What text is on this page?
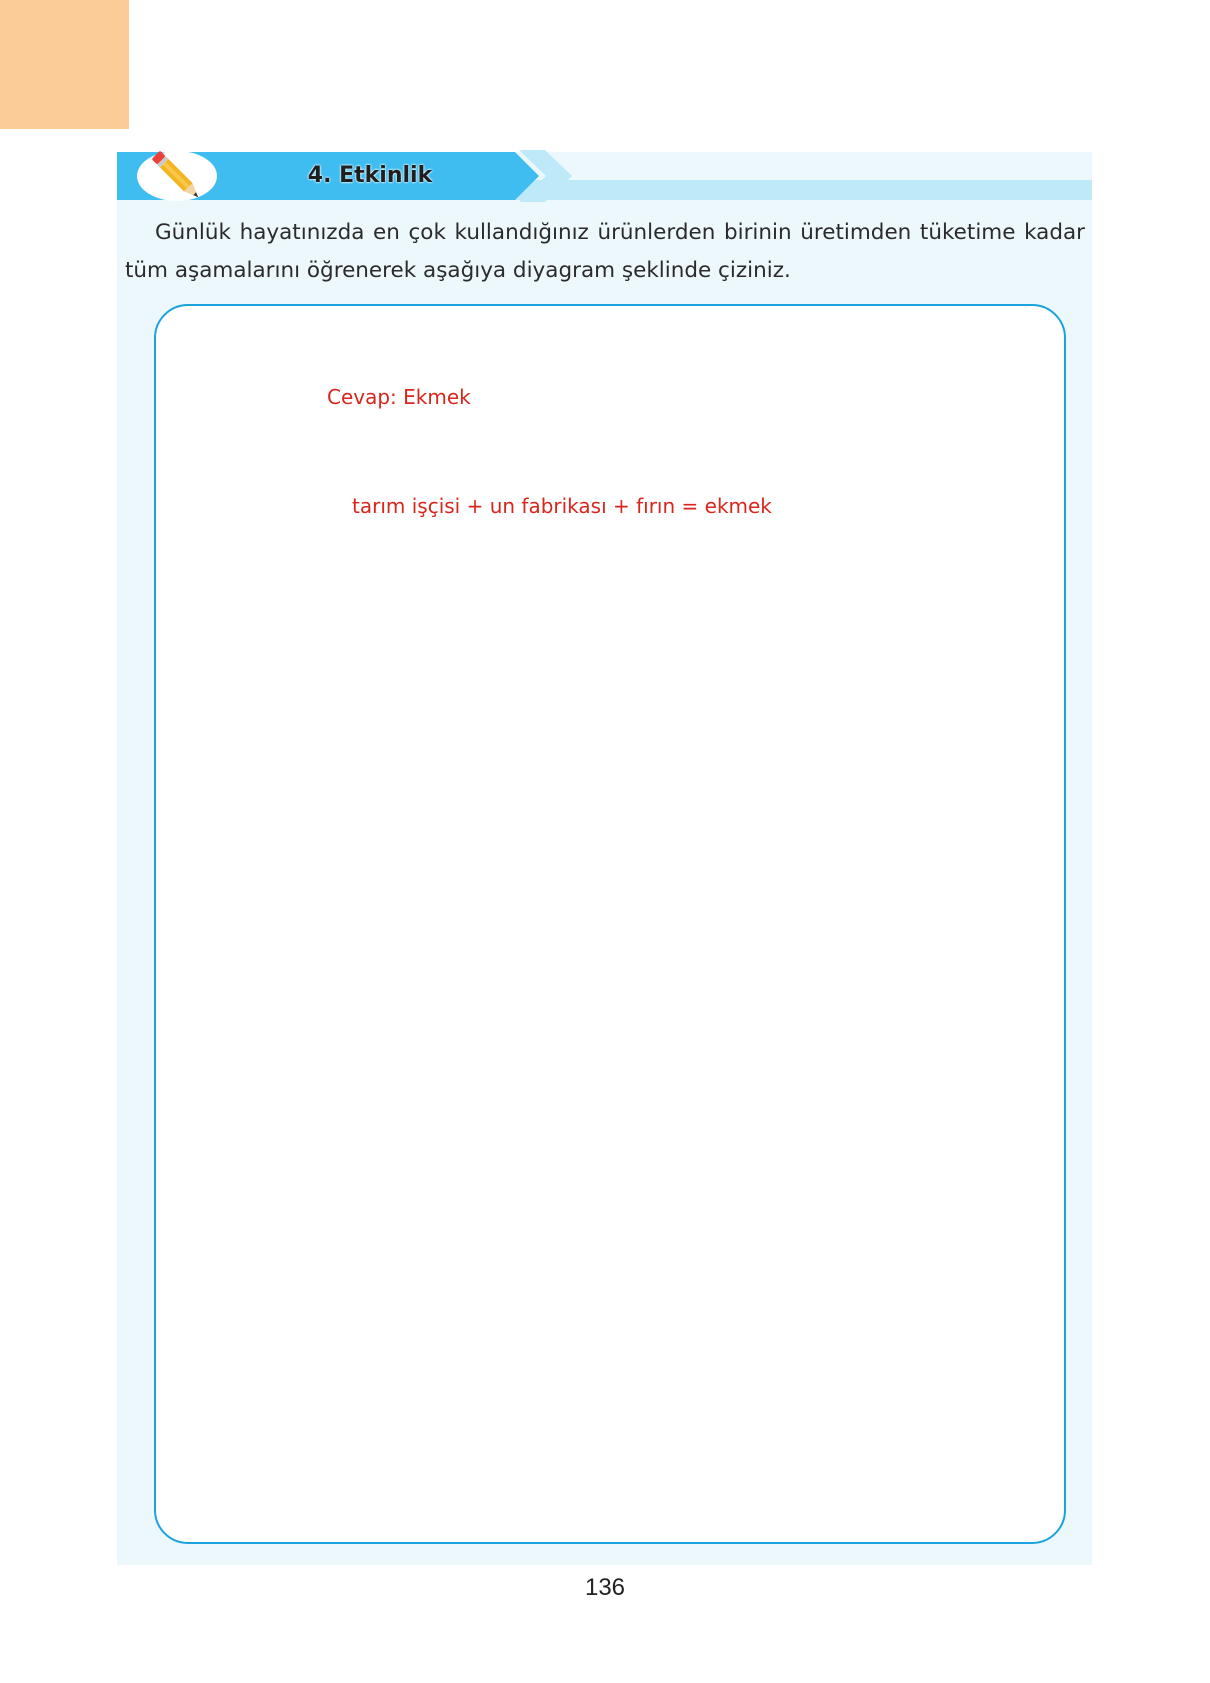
4. Etkinlik
Günlük hayatınızda en çok kullandığınız ürünlerden birinin üretimden tüketime kadar tüm aşamalarını öğrenerek aşağıya diyagram şeklinde çiziniz.
Cevap: Ekmek
tarım işçisi + un fabrikası + fırın = ekmek
136
